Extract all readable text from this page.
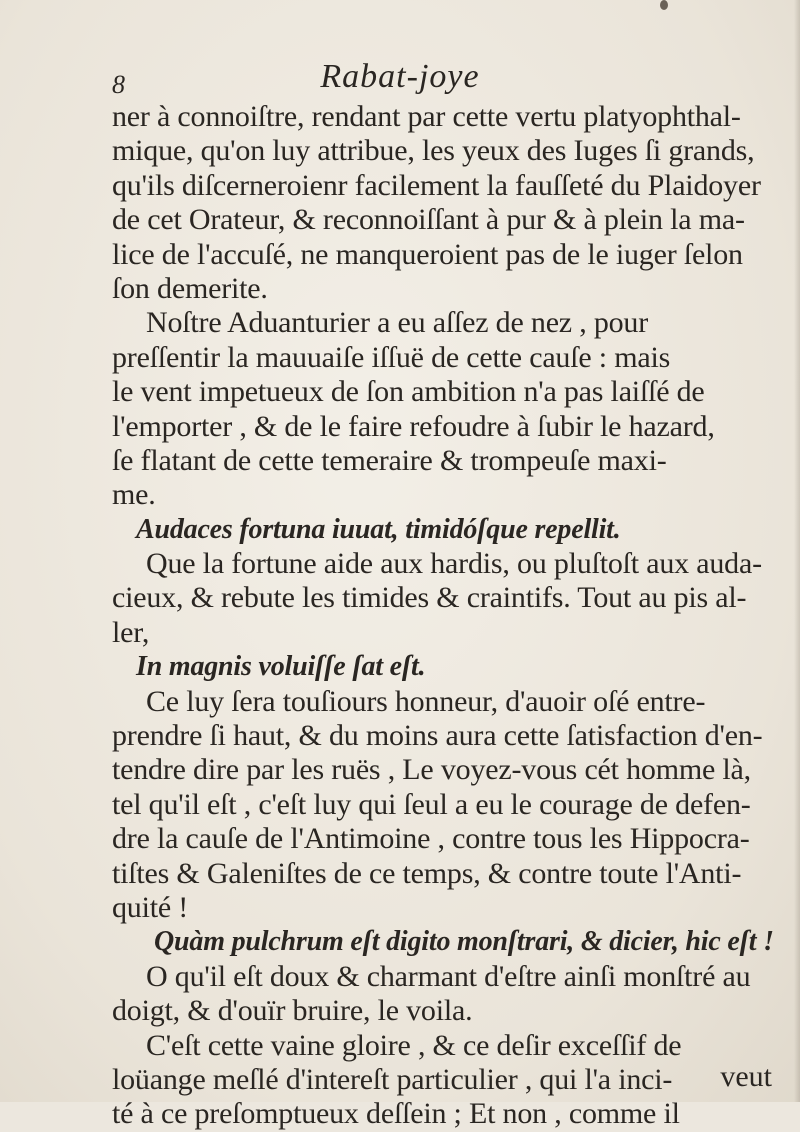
8	Rabat-joye
ner à connoiſtre, rendant par cette vertu platyophthal-
mique, qu'on luy attribue, les yeux des Iuges ſi grands,
qu'ils diſcerneroienr facilement la fauſſeté du Plaidoyer
de cet Orateur, & reconnoiſſant à pur & à plein la ma-
lice de l'accuſé, ne manqueroient pas de le iuger ſelon
ſon demerite.
Noſtre Aduanturier a eu aſſez de nez , pour
preſſentir la mauuaiſe iſſuë de cette cauſe : mais
le vent impetueux de ſon ambition n'a pas laiſſé de
l'emporter , & de le faire refoudre à ſubir le hazard,
ſe flatant de cette temeraire & trompeuſe maxi-
me.
Audaces fortuna iuuat, timidóſque repellit.
Que la fortune aide aux hardis, ou pluſtoſt aux auda-
cieux, & rebute les timides & craintifs. Tout au pis al-
ler,
In magnis voluiſſe ſat eſt.
Ce luy ſera touſiours honneur, d'auoir oſé entre-
prendre ſi haut, & du moins aura cette ſatisfaction d'en-
tendre dire par les ruës , Le voyez-vous cét homme là,
tel qu'il eſt , c'eſt luy qui ſeul a eu le courage de defen-
dre la cauſe de l'Antimoine , contre tous les Hippocra-
tiſtes & Galeniſtes de ce temps, & contre toute l'Anti-
quité !
Quàm pulchrum eſt digito monſtrari, & dicier, hic eſt !
O qu'il eſt doux & charmant d'eſtre ainſi monſtré au
doigt, & d'ouïr bruire, le voila.
C'eſt cette vaine gloire , & ce deſir exceſſif de
loüange meſlé d'intereſt particulier , qui l'a inci-
té à ce preſomptueux deſſein ; Et non , comme il
veut
